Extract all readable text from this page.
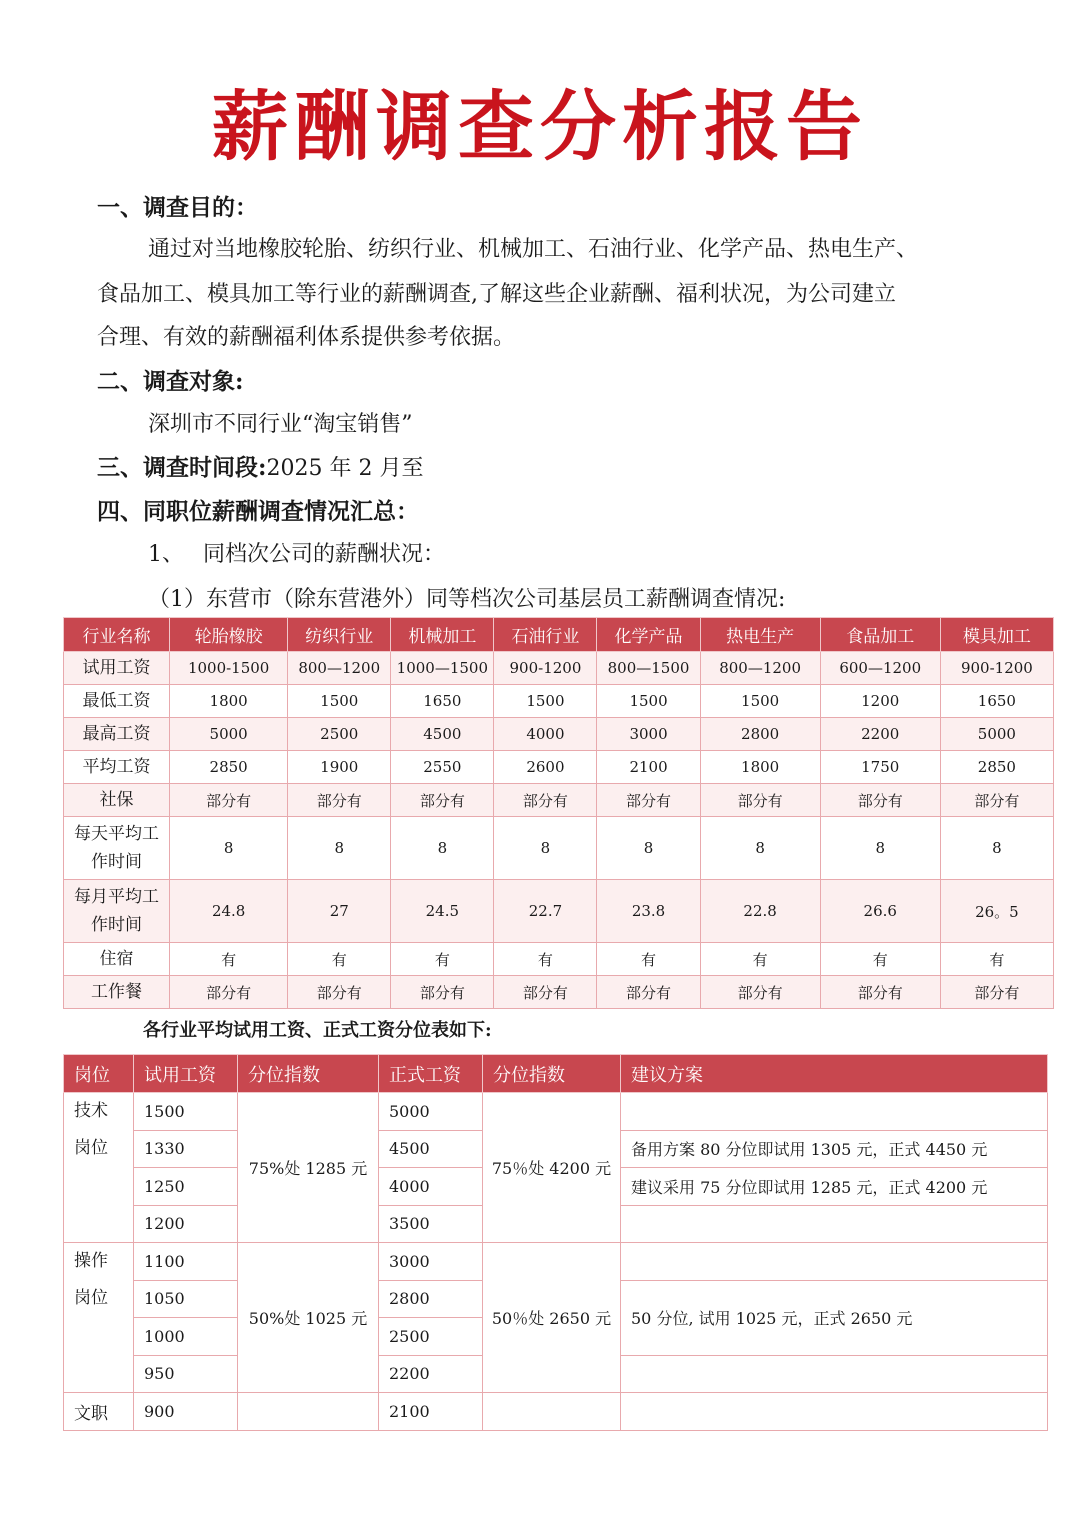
薪酬调查分析报告
一、调查目的：
通过对当地橡胶轮胎、纺织行业、机械加工、石油行业、化学产品、热电生产、
食品加工、模具加工等行业的薪酬调查,了解这些企业薪酬、福利状况，为公司建立
合理、有效的薪酬福利体系提供参考依据。
二、调查对象:
深圳市不同行业“淘宝销售”
三、调查时间段:2025 年 2 月至
四、同职位薪酬调查情况汇总：
1、 同档次公司的薪酬状况：
（1）东营市（除东营港外）同等档次公司基层员工薪酬调查情况:
行业名称	轮胎橡胶	纺织行业	机械加工	石油行业	化学产品	热电生产	食品加工	模具加工
试用工资	1000-1500	800—1200	1000—1500	900-1200	800—1500	800—1200	600—1200	900-1200
最低工资	1800	1500	1650	1500	1500	1500	1200	1650
最高工资	5000	2500	4500	4000	3000	2800	2200	5000
平均工资	2850	1900	2550	2600	2100	1800	1750	2850
社保	部分有	部分有	部分有	部分有	部分有	部分有	部分有	部分有
每天平均工作时间	8	8	8	8	8	8	8	8
每月平均工作时间	24.8	27	24.5	22.7	23.8	22.8	26.6	26。5
住宿	有	有	有	有	有	有	有	有
工作餐	部分有	部分有	部分有	部分有	部分有	部分有	部分有	部分有
各行业平均试用工资、正式工资分位表如下:
岗位	试用工资	分位指数	正式工资	分位指数	建议方案
技术岗位	1500	75%处 1285 元	5000	75％处 4200 元	
	1330		4500		备用方案 80 分位即试用 1305 元，正式 4450 元
	1250		4000		建议采用 75 分位即试用 1285 元，正式 4200 元
	1200		3500		
操作岗位	1100	50%处 1025 元	3000	50％处 2650 元	
	1050		2800		50 分位, 试用 1025 元，正式 2650 元
	1000		2500		
	950		2200		
文职	900		2100		
